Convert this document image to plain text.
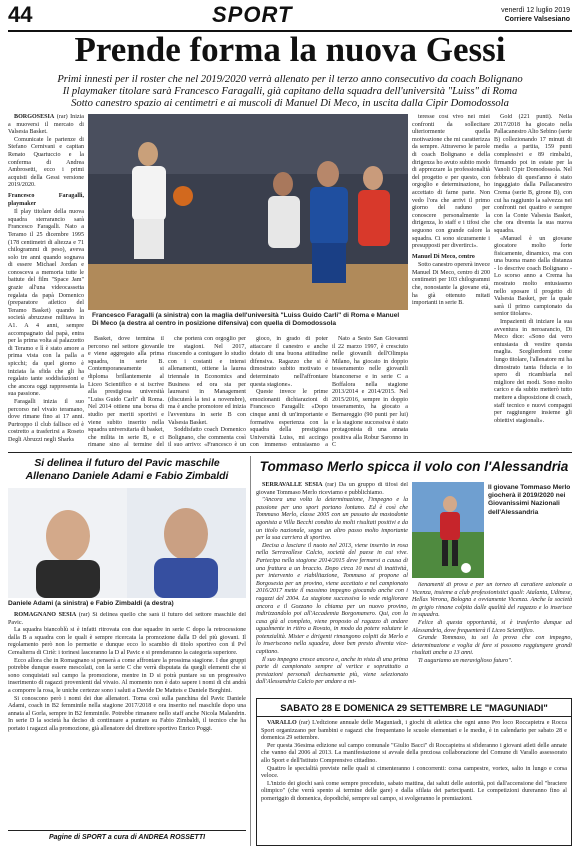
44	SPORT	venerdì 12 luglio 2019
Corriere Valsesiano
Prende forma la nuova Gessi
Primi innesti per il roster che nel 2019/2020 verrà allenato per il terzo anno consecutivo da coach Bolignano
Il playmaker titolare sarà Francesco Faragalli, già capitano della squadra dell'università "Luiss" di Roma
Sotto canestro spazio ai centimetri e ai muscoli di Manuel Di Meco, in uscita dalla Cipir Domodossola

BORGOSESIA (rar) Inizia a muoversi il mercato di Valsesia Basket.

Comunicate le partenze di Stefano Cernivani e capitan Renato Quartuccio e la conferma di Andrea Ambrosetti, ecco i primi acquisti della Gessi versione 2019/2020.

Francesco Faragalli, playmaker

Il play titolare della nuova squadra sterrarancio sarà Francesco Faragalli. Nato a Teramo il 25 dicembre 1995 (178 centimetri di altezza e 71 chilogrammi di peso), aveva solo tre anni quando sognava di essere Michael Jordan e conosceva a memoria tutte le battute del film "Space Jam" grazie all'una videocassetta regalata da papà Domenico (preparatore atletico del Teramo Basket) quando la società abruzzese militava in A1. A 4 anni, sempre accompagnato dal papà, entra per la prima volta al palazzetto di Teramo e lì è stato amore a prima vista con la palla a spicchi; da quel giorno è iniziata la sfida che gli ha regalato tante soddisfazioni e che ancora oggi rappresenta la sua passione.

Faragalli inizia il suo percorso nel vivaio teramano, dove rimane fino ai 17 anni. Purtroppo il club fallisce ed è costretto a trasferirsi a Roseto Degli Abruzzi negli Sharks

Francesco Faragalli (a sinistra) con la maglia dell'università "Luiss Guido Carli" di Roma e Manuel Di Meco (a destra al centro in posizione difensiva) con quella di Domodossola

Basket, dove termina il percorso nel settore giovanile e viene aggregato alla prima squadra, in serie B. Contemporaneamente si diploma brillantemente al Liceo Scientifico e si iscrive alla prestigiosa università "Luiss Guido Carli" di Roma. Nel 2014 ottiene una borsa di studio per meriti sportivi e viene subito inserito nella squadra universitaria di basket, che milita in serie B, e ci rimane sino al termine del

che porterà con orgoglio per tre stagioni. Nel 2017, riuscendo a coniugare lo studio con i costanti e intensi allenamenti, ottiene la laurea triennale in Economics and Business ed ora sta per laurearsi in Management (discuterà la tesi a novembre), ma è anche promotore ed inizia l'avventura in serie B con Valsesia Basket.

Soddisfatto coach Domenico Bolignano, che commenta così il suo arrivo: «Francesco è un

gioco, in grado di poter attaccare il canestro e anche dotato di una buona attitudine difensiva. Ragazzo che si è dimostrato subito motivato e determinato nell'affrontare questa stagione».

Queste invece le prime emozionanti dichiarazioni di Francesco Faragalli: «Dopo cinque anni di un'importante e formativa esperienza con la squadra della prestigiosa Università Luiss, mi accingo con immenso entusiasmo a

Nato a Sesto San Giovanni il 22 marzo 1997, è cresciuto nelle giovanili dell'Olimpia Milano, ha giocato in doppio tesseramento nelle giovanili bianconerse e in serie C a Boffalora nella stagione 2013/2014 e 2014/2015. Nel 2015/2016, sempre in doppio tesseramento, ha giocato a Bernareggio (90 punti per lui) e la stagione successiva è stato protagonista di una annata positiva alla Robur Saronno in C

teresse così vivo nei miei confronti da sollecitare ulteriormente quella motivazione che mi caratterizza da sempre. Attraverso le parole di coach Bolignano e della dirigenza ho avuto subito modo di apprezzare la professionalità del progetto e per questo, con orgoglio e determinazione, ho accettato di farne parte. Non vedo l'ora che arrivi il primo giorno del raduno per conoscere personalmente la dirigenza, lo staff e i tifosi che seguono con grande calore la squadra. Ci sono sicuramente i presupposti per divertirci».

Manuel Di Meco, centro

Sotto canestro opererà invece Manuel Di Meco, centro di 200 centimetri per 103 chilogrammi che, nonostante la giovane età, ha già ottenuto mitati importanti in serie B.

Gold (221 punti). Nella 2017/2018 ha giocato nella Pallacanestro Alto Sebino (serie B) collezionando 17 minuti di media a partita, 159 punti complessivi e 89 rimbalzi, firmando poi in estate per la Vanoli Cipir Domodossola. Nel febbraio di quest'anno è stato ingaggiato dalla Pallacanestro Crema (serie B, girone B), con cui ha raggiunto la salvezza nei confronti nei quattro e sempre con la Conte Valsesia Basket, che ora diventa la sua nuova squadra.

«Manuel è un giovane giocatore molto forte fisicamente, dinamico, ma con una buona mano dalla distanza - lo descrive coach Bolignano - Lo scorso anno a Crema ha mostrato molto entusiasmo nello sposare il progetto di Valsesia Basket, per la quale sarà il primo campionato da senior titolare».

Impazienti di iniziare la sua avventura in neroarancio, Di Meco dice: «Sono dai vero entusiasta di vestire questa maglia. Sceglierdomi come lungo titolare, l'allenatore mi ha dimostrato tanta fiducia e io spero di ricambiarla nel migliore dei modi. Sono molto carico e da subito metterò tutto mettere a disposizione di coach, staff tecnico e nuovi compagni per raggiungere insieme gli obiettivi stagionali».

Si delinea il futuro del Pavic maschile
Allenano Daniele Adami e Fabio Zimbaldi
Daniele Adami (a sinistra) e Fabio Zimbaldi (a destra)

ROMAGNANO SESIA (rar) Si delinea quello che sarà il futuro del settore maschile del Pavic.

La squadra biancoblù si è infatti ritrovata con due squadre in serie C dopo la retrocessione dalla B a squadra con le quali è sempre ricercata la promozione dalla D del più giovani. Il regolamento però non lo permette e dunque ecco lo scambio di titolo sportivo con il Pvl Cerealterra di Ciriè: i torinesi lasceranno la D al Pavic e si prenderanno la categoria superiore.

Ecco allora che in Romagnano si penserà a come affrontare la prossima stagione. I due gruppi potrebbe dunque essere mescolati, con la serie C che verrà disputata da quegli elementi che si sono conquistati sul campo la promozione, mentre in D si potrà puntare su un progressivo inserimento di ragazzi provenienti dal vivaio. Al momento non è dato sapere i nomi di chi andrà a comporre la rosa, le uniche certezze sono i saluti a Davide De Matteis e Daniele Borghini.

Si conoscono però i nomi dei due allenatori. Torna così sulla panchina del Pavic Daniele Adami, coach in B2 femminile nella stagione 2017/2018 e ora inserito nel maschile dopo una annata al Gorla, sempre in B2 femminile. Potrebbe rimanere nello staff anche Nicola Malandrin. In serie D la società ha deciso di continuare a puntare su Fabio Zimbaldi, il tecnico che ha portato i ragazzi alla promozione, già allenatore del direttore sportivo Enrico Poggi.

Pagine di SPORT a cura di ANDREA ROSSETTI
Tommaso Merlo spicca il volo con l'Alessandria

SERRAVALLE SESIA (rar) Da un gruppo di tifosi del giovane Tommaso Merlo riceviamo e pubblichiamo.

"Ancora una volta la determinazione, l'impegno e la passione per uno sport portano lontano. Ed è così che Tommaso Merlo, classe 2005 con un passato da mastodonte agonista a Villa Becchi condito da molti risultati positivi e da un titolo nazionale, segna un altro passo molto importante per la sua carriera di sportivo.

Decisa a lasciare il nuoto nel 2013, viene inserito in rosa nella Serravallese Calcio, società del paese in cui vive. Partecipa nella stagione 2014/2015 deve fermarsi a causa di una frattura a un braccio. Dopo circa 10 mesi di inattività, per intervento e riabilitazione, Tommaso si propone al Borgosesia per un provino, viene accettato e nel campionato 2016/2017 mette il massimo impegno giocando anche con i ragazzi del 2004. La stagione successiva lo vede migliorare ancora e il Gozzano lo chiama per un nuovo provino, indirizzandolo poi all'Accademia Borgomanero. Qui, con la casa già al completo, viene proposto al ragazzo di andare ugualmente in ritiro a Rovato, in modo da potere valutare le potenzialità. Mister e dirigenti rimangono colpiti da Merlo e lo inseriscono nella squadra, dove ben presto diventa vice-capitano.

Il suo impegno cresce ancora e, anche in vista di una prima parte di campionato sempre al vertice e soprattutto a prestazioni personali decisamente più, viene selezionato dall'Alessandria Calcio per andare a mi-

Il giovane Tommaso Merlo giocherà il 2019/2020 nei Giovanissimi Nazionali dell'Alessandria

lienamenti di prova e per un torneo di caratiere azionale a Vicenza, insieme a club professionistici quali: Atalanta, Udinese, Hellas Verona, Bologna e ovviamente Vicenza. Anche la società in grigio rimane colpita dalle qualità del ragazzo e lo inserisce in squadra.

Felice di questa opportunità, si è trasferito dunque ad Alessandria, dove frequenterà il Liceo Scientifico.

Grande Tommaso, tu sei la prova che con impegno, determinazione e voglia di fare si possono raggiungere grandi risultati anche a 13 anni.

Ti auguriamo un meraviglioso futuro".

SABATO 28 E DOMENICA 29 SETTEMBRE LE "MAGUNIADI"

VARALLO (rar) L'edizione annuale delle Maguniadi, i giochi di atletica che ogni anno Pro loco Roccapietra e Rocca Sport organizzano per bambini e ragazzi che frequentano le scuole elementari e le medie, è in calendario per sabato 28 e domenica 29 settembre.

Per questa 36esima edizione sul campo comunale "Giulio Bacci" di Roccapietra si sfideranno i giovani atleti delle annate che vanno dal 2006 al 2013. La manifestazione si avvale della preziosa collaborazione del Comune di Varallo assessorato allo Sport e dell'Istituto Comprensivo cittadino.

Quattro le specialità previste nelle quali si cimenteranno i concorrenti: corsa campestre, vortex, salto in lungo e corsa veloce.

L'inizio dei giochi sarà come sempre preceduto, sabato mattina, dai saluti delle autorità, poi dall'accensione del "braciere olimpico" (che verrà spento al termine delle gare) e dalla sfilata dei partecipanti. Le competizioni dureranno fino al pomeriggio di domenica, dopodiché, sempre sul campo, si svolgeranno le premiazioni.
